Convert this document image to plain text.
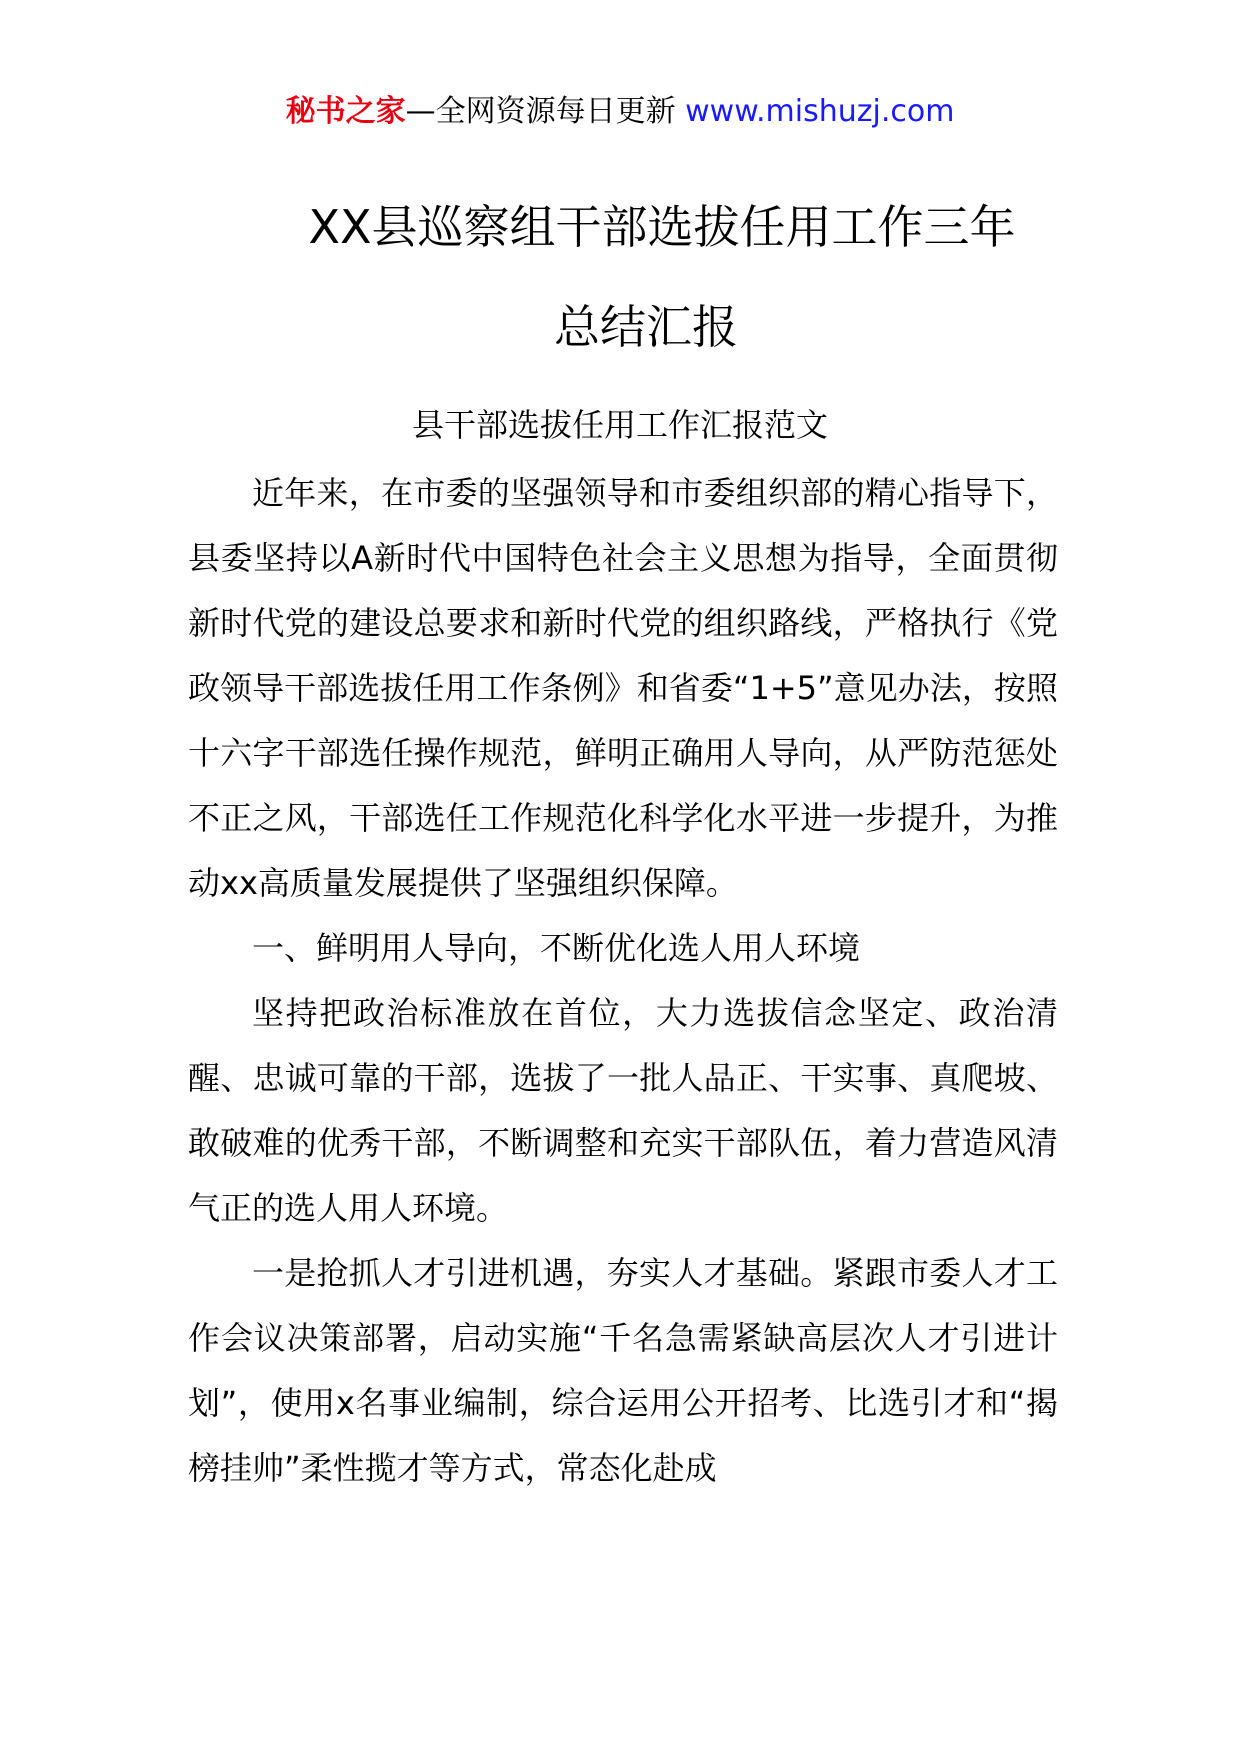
秘书之家—全网资源每日更新 www.mishuzj.com
XX县巡察组干部选拔任用工作三年
总结汇报
县干部选拔任用工作汇报范文

近年来，在市委的坚强领导和市委组织部的精心指导下，县委坚持以A新时代中国特色社会主义思想为指导，全面贯彻新时代党的建设总要求和新时代党的组织路线，严格执行《党政领导干部选拔任用工作条例》和省委“1+5”意见办法，按照十六字干部选任操作规范，鲜明正确用人导向，从严防范惩处不正之风，干部选任工作规范化科学化水平进一步提升，为推动xx高质量发展提供了坚强组织保障。

一、鲜明用人导向，不断优化选人用人环境

坚持把政治标准放在首位，大力选拔信念坚定、政治清醒、忠诚可靠的干部，选拔了一批人品正、干实事、真爬坡、敢破难的优秀干部，不断调整和充实干部队伍，着力营造风清气正的选人用人环境。

一是抢抓人才引进机遇，夯实人才基础。紧跟市委人才工作会议决策部署，启动实施“千名急需紧缺高层次人才引进计划”，使用x名事业编制，综合运用公开招考、比选引才和“揭榜挂帅”柔性揽才等方式，常态化赴成
